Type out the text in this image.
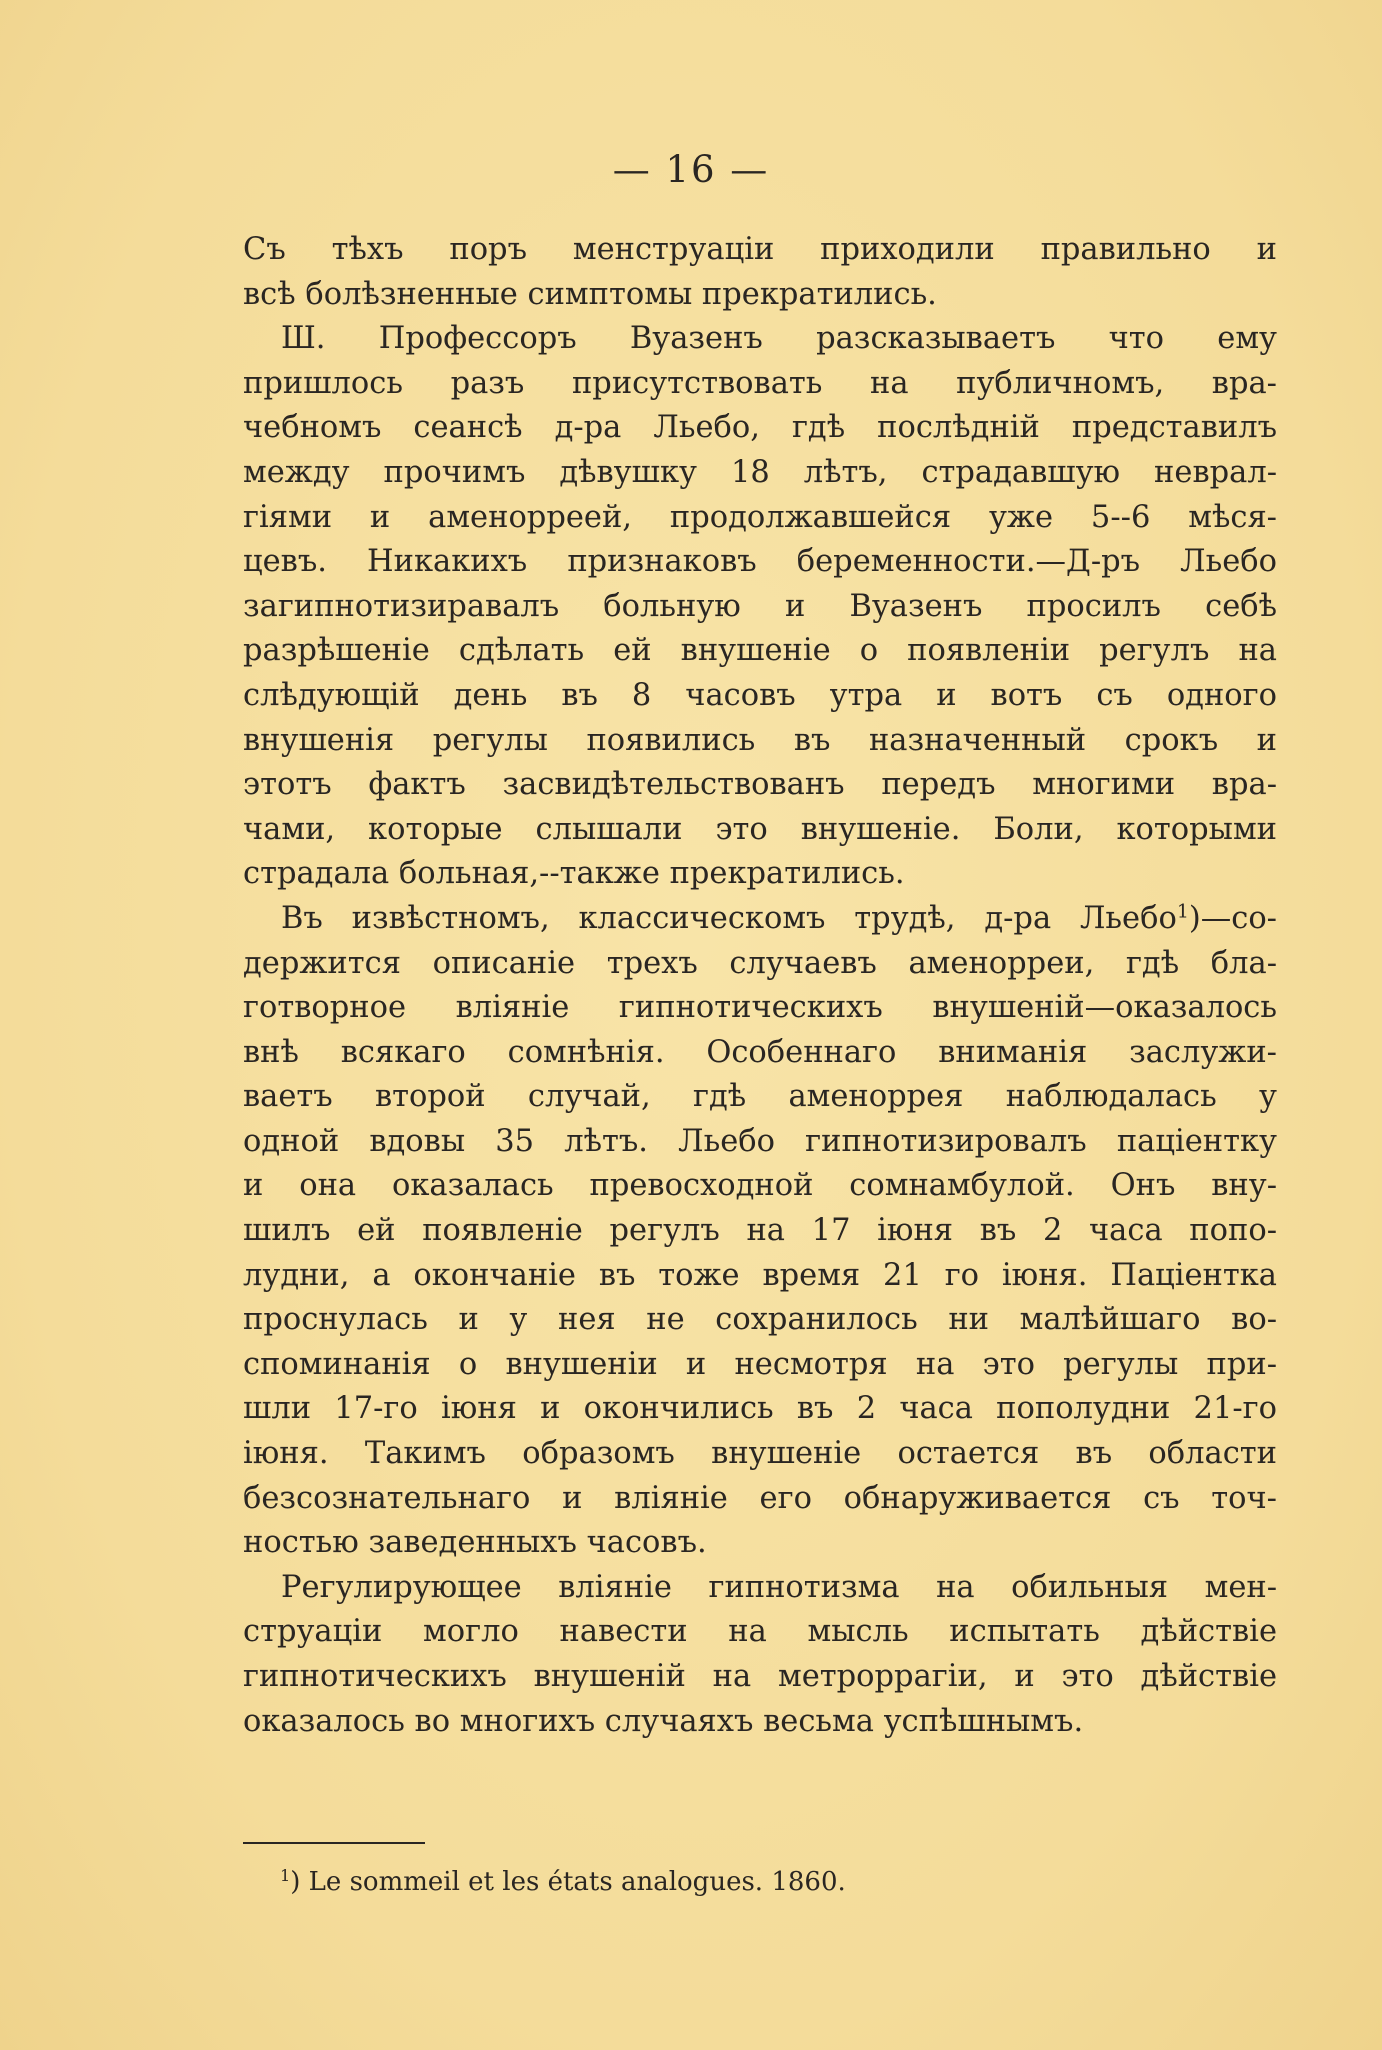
— 16 —
Съ тѣхъ поръ менструаціи приходили правильно и
всѣ болѣзненные симптомы прекратились.
Ш. Профессоръ Вуазенъ разсказываетъ что ему
пришлось разъ присутствовать на публичномъ, вра-
чебномъ сеансѣ д-ра Льебо, гдѣ послѣдній представилъ
между прочимъ дѣвушку 18 лѣтъ, страдавшую неврал-
гіями и аменорреей, продолжавшейся уже 5--6 мѣся-
цевъ. Никакихъ признаковъ беременности.—Д-ръ Льебо
загипнотизиравалъ больную и Вуазенъ просилъ себѣ
разрѣшеніе сдѣлать ей внушеніе о появленіи регулъ на
слѣдующій день въ 8 часовъ утра и вотъ съ одного
внушенія регулы появились въ назначенный срокъ и
этотъ фактъ засвидѣтельствованъ передъ многими вра-
чами, которые слышали это внушеніе. Боли, которыми
страдала больная,--также прекратились.
Въ извѣстномъ, классическомъ трудѣ, д-ра Льебо$^1$)—со-
держится описаніе трехъ случаевъ аменорреи, гдѣ бла-
готворное вліяніе гипнотическихъ внушеній—оказалось
внѣ всякаго сомнѣнія. Особеннаго вниманія заслужи-
ваетъ второй случай, гдѣ аменоррея наблюдалась у
одной вдовы 35 лѣтъ. Льебо гипнотизировалъ паціентку
и она оказалась превосходной сомнамбулой. Онъ вну-
шилъ ей появленіе регулъ на 17 іюня въ 2 часа попо-
лудни, а окончаніе въ тоже время 21 го іюня. Паціентка
проснулась и у нея не сохранилось ни малѣйшаго во-
споминанія о внушеніи и несмотря на это регулы при-
шли 17-го іюня и окончились въ 2 часа пополудни 21-го
іюня. Такимъ образомъ внушеніе остается въ области
безсознательнаго и вліяніе его обнаруживается съ точ-
ностью заведенныхъ часовъ.
Регулирующее вліяніе гипнотизма на обильныя мен-
струаціи могло навести на мысль испытать дѣйствіе
гипнотическихъ внушеній на метроррагіи, и это дѣйствіе
оказалось во многихъ случаяхъ весьма успѣшнымъ.
$^1$) Le sommeil et les états analogues. 1860.
